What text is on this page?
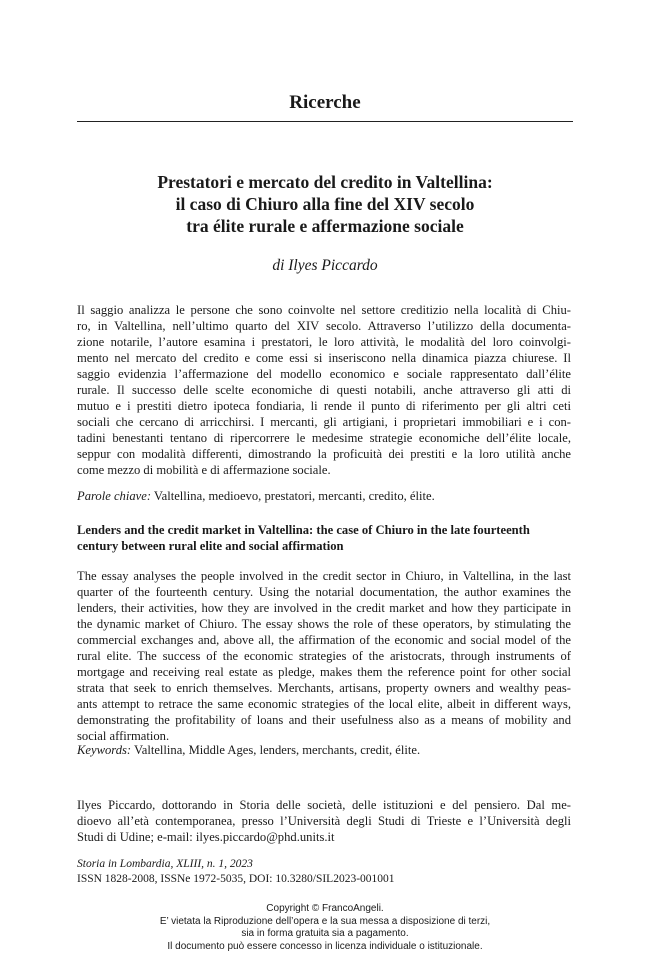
Ricerche
Prestatori e mercato del credito in Valtellina:
il caso di Chiuro alla fine del XIV secolo
tra élite rurale e affermazione sociale
di Ilyes Piccardo
Il saggio analizza le persone che sono coinvolte nel settore creditizio nella località di Chiu-
ro, in Valtellina, nell’ultimo quarto del XIV secolo. Attraverso l’utilizzo della documenta-
zione notarile, l’autore esamina i prestatori, le loro attività, le modalità del loro coinvolgi-
mento nel mercato del credito e come essi si inseriscono nella dinamica piazza chiurese. Il
saggio evidenzia l’affermazione del modello economico e sociale rappresentato dall’élite
rurale. Il successo delle scelte economiche di questi notabili, anche attraverso gli atti di
mutuo e i prestiti dietro ipoteca fondiaria, li rende il punto di riferimento per gli altri ceti
sociali che cercano di arricchirsi. I mercanti, gli artigiani, i proprietari immobiliari e i con-
tadini benestanti tentano di ripercorrere le medesime strategie economiche dell’élite locale,
seppur con modalità differenti, dimostrando la proficuità dei prestiti e la loro utilità anche
come mezzo di mobilità e di affermazione sociale.
Parole chiave: Valtellina, medioevo, prestatori, mercanti, credito, élite.
Lenders and the credit market in Valtellina: the case of Chiuro in the late fourteenth
century between rural elite and social affirmation
The essay analyses the people involved in the credit sector in Chiuro, in Valtellina, in the last
quarter of the fourteenth century. Using the notarial documentation, the author examines the
lenders, their activities, how they are involved in the credit market and how they participate in
the dynamic market of Chiuro. The essay shows the role of these operators, by stimulating the
commercial exchanges and, above all, the affirmation of the economic and social model of the
rural elite. The success of the economic strategies of the aristocrats, through instruments of
mortgage and receiving real estate as pledge, makes them the reference point for other social
strata that seek to enrich themselves. Merchants, artisans, property owners and wealthy peas-
ants attempt to retrace the same economic strategies of the local elite, albeit in different ways,
demonstrating the profitability of loans and their usefulness also as a means of mobility and
social affirmation.
Keywords: Valtellina, Middle Ages, lenders, merchants, credit, élite.
Ilyes Piccardo, dottorando in Storia delle società, delle istituzioni e del pensiero. Dal me-
dioevo all’età contemporanea, presso l’Università degli Studi di Trieste e l’Università degli
Studi di Udine; e-mail: ilyes.piccardo@phd.units.it
Storia in Lombardia, XLIII, n. 1, 2023
ISSN 1828-2008, ISSNe 1972-5035, DOI: 10.3280/SIL2023-001001
Copyright © FrancoAngeli.
E’ vietata la Riproduzione dell’opera e la sua messa a disposizione di terzi,
sia in forma gratuita sia a pagamento.
Il documento può essere concesso in licenza individuale o istituzionale.
